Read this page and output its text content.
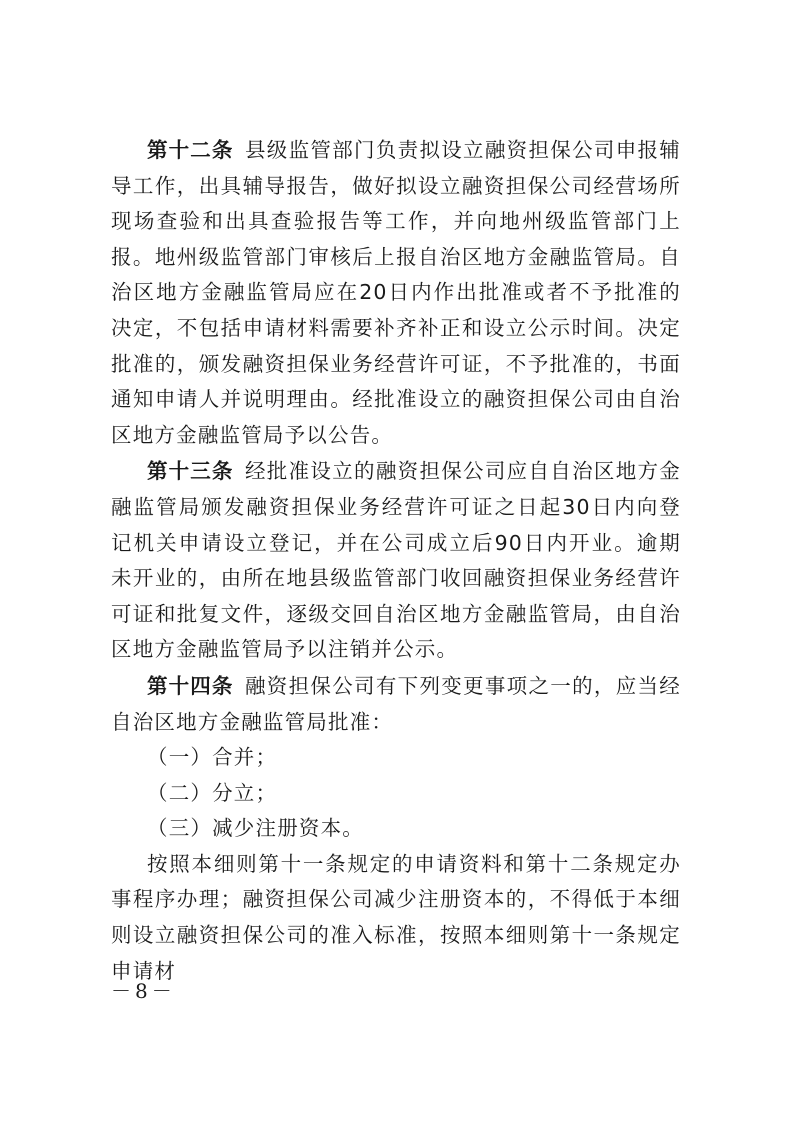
第十二条  县级监管部门负责拟设立融资担保公司申报辅导工作，出具辅导报告，做好拟设立融资担保公司经营场所现场查验和出具查验报告等工作，并向地州级监管部门上报。地州级监管部门审核后上报自治区地方金融监管局。自治区地方金融监管局应在20日内作出批准或者不予批准的决定，不包括申请材料需要补齐补正和设立公示时间。决定批准的，颁发融资担保业务经营许可证，不予批准的，书面通知申请人并说明理由。经批准设立的融资担保公司由自治区地方金融监管局予以公告。

第十三条  经批准设立的融资担保公司应自自治区地方金融监管局颁发融资担保业务经营许可证之日起30日内向登记机关申请设立登记，并在公司成立后90日内开业。逾期未开业的，由所在地县级监管部门收回融资担保业务经营许可证和批复文件，逐级交回自治区地方金融监管局，由自治区地方金融监管局予以注销并公示。

第十四条  融资担保公司有下列变更事项之一的，应当经自治区地方金融监管局批准：

（一）合并；

（二）分立；

（三）减少注册资本。

按照本细则第十一条规定的申请资料和第十二条规定办事程序办理；融资担保公司减少注册资本的，不得低于本细则设立融资担保公司的准入标准，按照本细则第十一条规定申请材

－8－
